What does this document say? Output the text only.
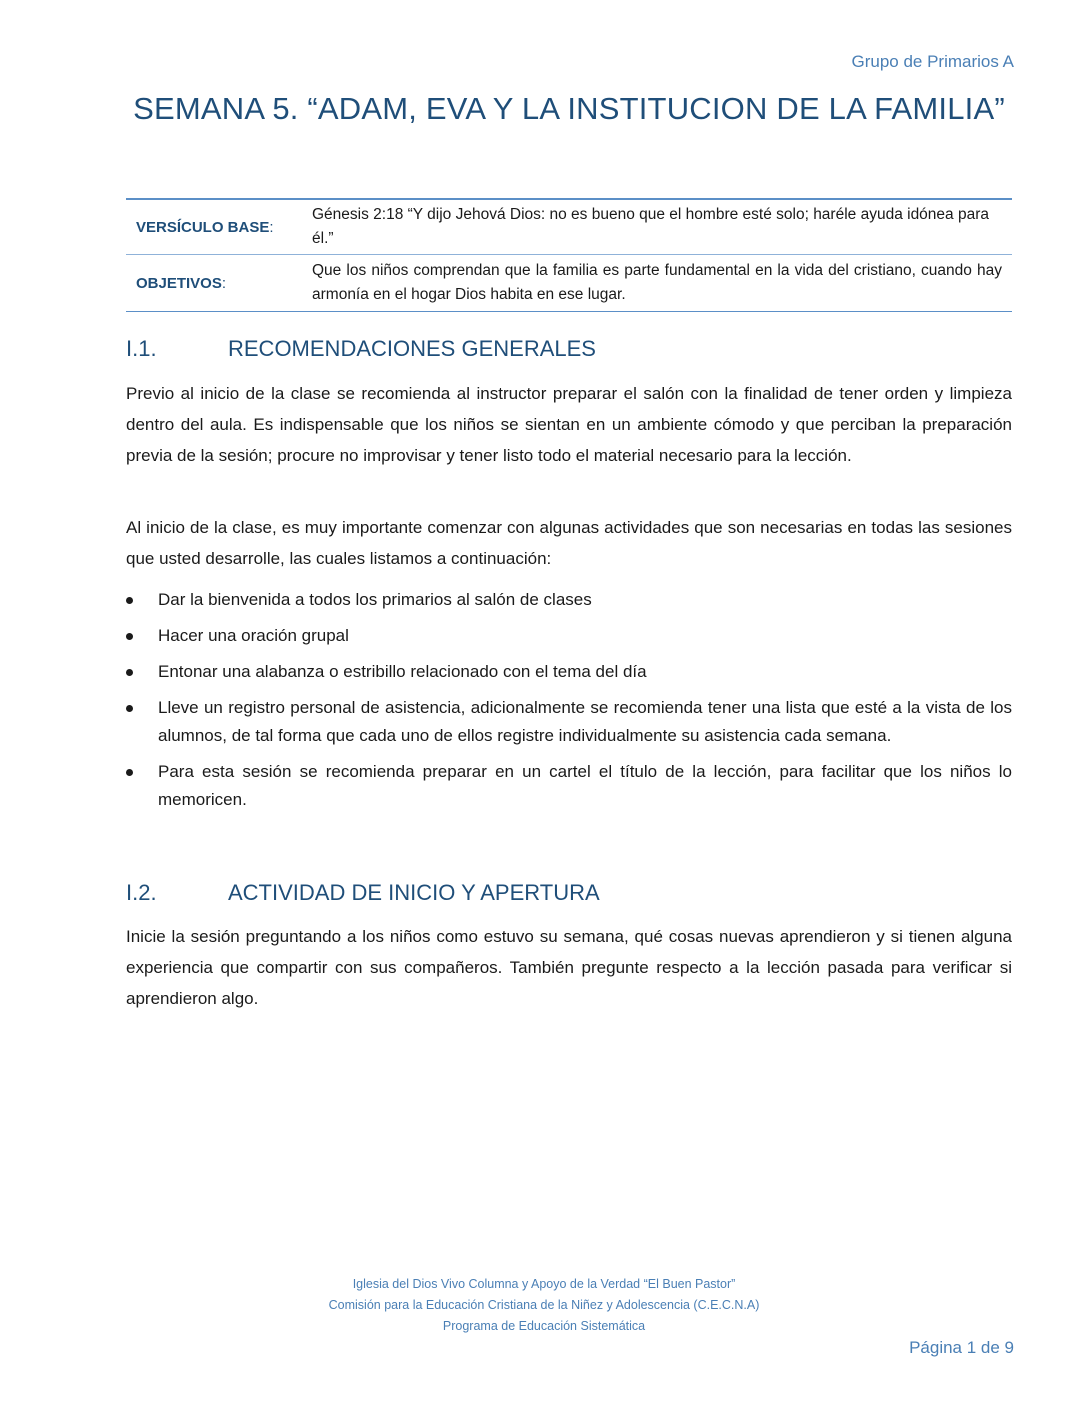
Grupo de Primarios A
SEMANA 5. “ADAM, EVA Y LA INSTITUCION DE LA FAMILIA”
VERSÍCULO BASE:	Génesis 2:18 “Y dijo Jehová Dios: no es bueno que el hombre esté solo; haréle ayuda idónea para él.”
OBJETIVOS:	Que los niños comprendan que la familia es parte fundamental en la vida del cristiano, cuando hay armonía en el hogar Dios habita en ese lugar.
I.1.	RECOMENDACIONES GENERALES

Previo al inicio de la clase se recomienda al instructor preparar el salón con la finalidad de tener orden y limpieza dentro del aula. Es indispensable que los niños se sientan en un ambiente cómodo y que perciban la preparación previa de la sesión; procure no improvisar y tener listo todo el material necesario para la lección.

Al inicio de la clase, es muy importante comenzar con algunas actividades que son necesarias en todas las sesiones que usted desarrolle, las cuales listamos a continuación:

Dar la bienvenida a todos los primarios al salón de clases
Hacer una oración grupal
Entonar una alabanza o estribillo relacionado con el tema del día
Lleve un registro personal de asistencia, adicionalmente se recomienda tener una lista que esté a la vista de los alumnos, de tal forma que cada uno de ellos registre individualmente su asistencia cada semana.
Para esta sesión se recomienda preparar en un cartel el título de la lección, para facilitar que los niños lo memoricen.
I.2.	ACTIVIDAD DE INICIO Y APERTURA

Inicie la sesión preguntando a los niños como estuvo su semana, qué cosas nuevas aprendieron y si tienen alguna experiencia que compartir con sus compañeros. También pregunte respecto a la lección pasada para verificar si aprendieron algo.

Iglesia del Dios Vivo Columna y Apoyo de la Verdad “El Buen Pastor”
Comisión para la Educación Cristiana de la Niñez y Adolescencia (C.E.C.N.A)
Programa de Educación Sistemática
Página 1 de 9
